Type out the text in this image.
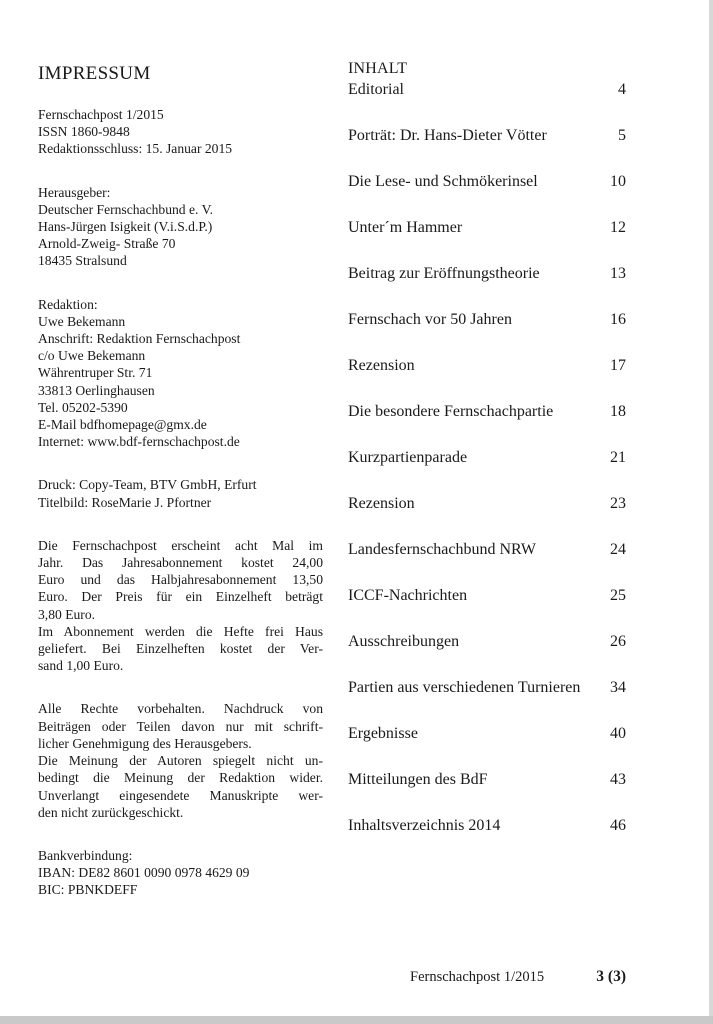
IMPRESSUM
Fernschachpost 1/2015
ISSN 1860-9848
Redaktionsschluss: 15. Januar 2015
Herausgeber:
Deutscher Fernschachbund e. V.
Hans-Jürgen Isigkeit (V.i.S.d.P.)
Arnold-Zweig- Straße 70
18435 Stralsund
Redaktion:
Uwe Bekemann
Anschrift: Redaktion Fernschachpost
c/o Uwe Bekemann
Währentruper Str. 71
33813 Oerlinghausen
Tel. 05202-5390
E-Mail bdfhomepage@gmx.de
Internet: www.bdf-fernschachpost.de
Druck: Copy-Team, BTV GmbH, Erfurt
Titelbild: RoseMarie J. Pfortner
Die Fernschachpost erscheint acht Mal im
Jahr. Das Jahresabonnement kostet 24,00
Euro und das Halbjahresabonnement 13,50
Euro. Der Preis für ein Einzelheft beträgt
3,80 Euro.
Im Abonnement werden die Hefte frei Haus
geliefert. Bei Einzelheften kostet der Ver-
sand 1,00 Euro.
Alle Rechte vorbehalten. Nachdruck von
Beiträgen oder Teilen davon nur mit schrift-
licher Genehmigung des Herausgebers.
Die Meinung der Autoren spiegelt nicht un-
bedingt die Meinung der Redaktion wider.
Unverlangt eingesendete Manuskripte wer-
den nicht zurückgeschickt.
Bankverbindung:
IBAN: DE82 8601 0090 0978 4629 09
BIC: PBNKDEFF
INHALT
Editorial	4
Porträt: Dr. Hans-Dieter Vötter	5
Die Lese- und Schmökerinsel	10
Unter´m Hammer	12
Beitrag zur Eröffnungstheorie	13
Fernschach vor 50 Jahren	16
Rezension	17
Die besondere Fernschachpartie	18
Kurzpartienparade	21
Rezension	23
Landesfernschachbund NRW	24
ICCF-Nachrichten	25
Ausschreibungen	26
Partien aus verschiedenen Turnieren 34
Ergebnisse	40
Mitteilungen des BdF	43
Inhaltsverzeichnis 2014	46
Fernschachpost 1/2015	3 (3)
